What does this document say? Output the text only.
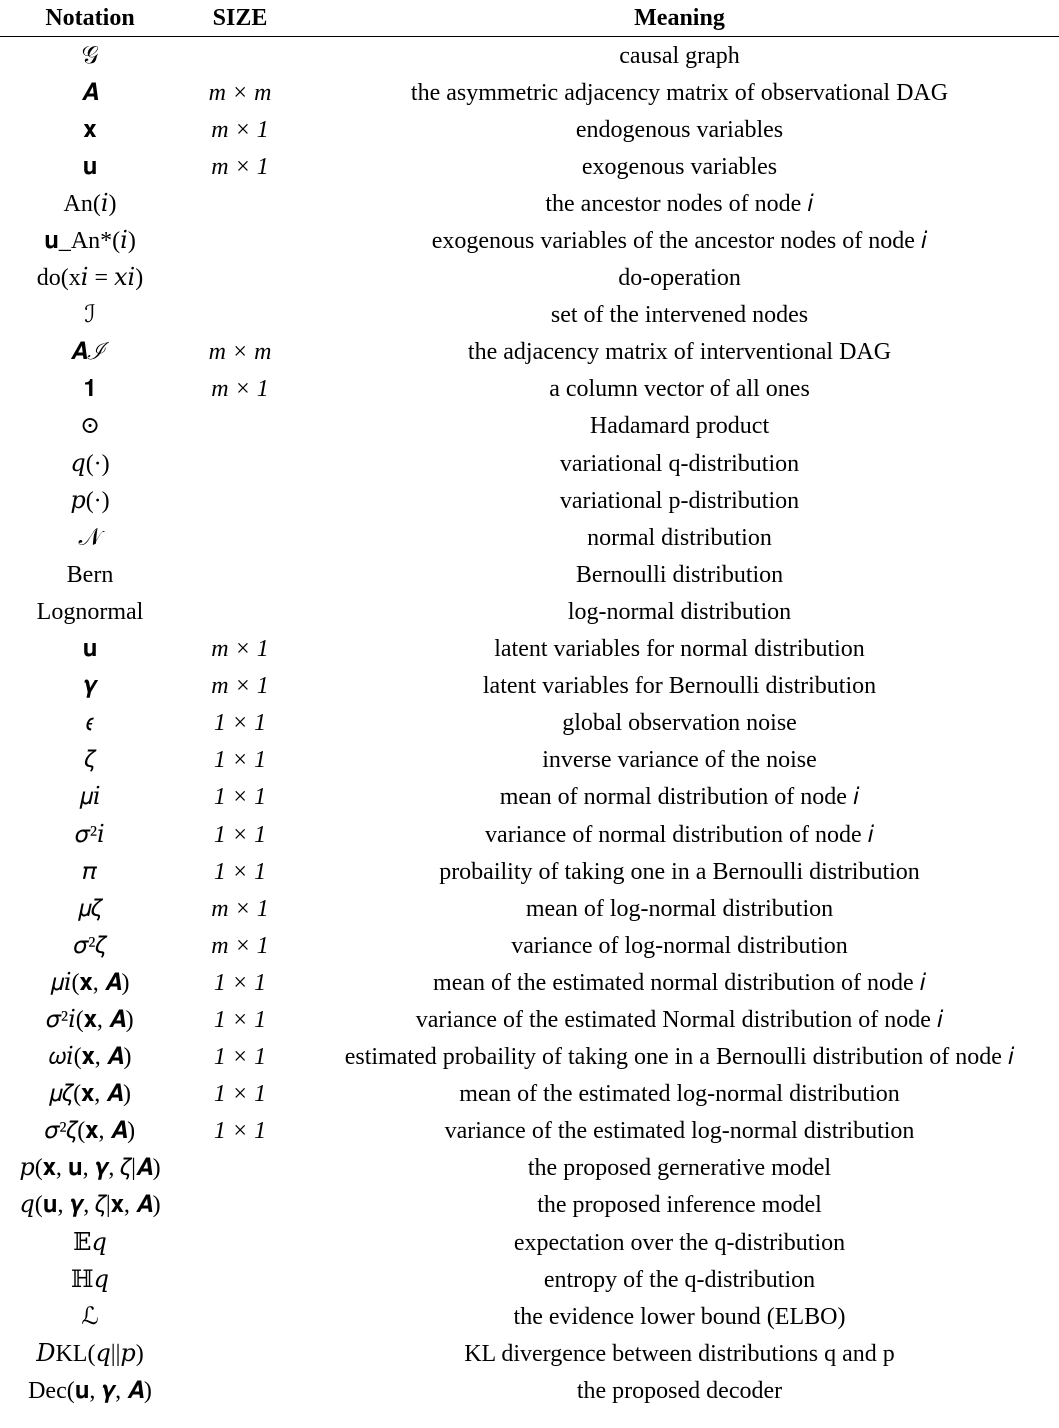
Notation	SIZE	Meaning
𝒢		causal graph
𝑨	m × m	the asymmetric adjacency matrix of observational DAG
𝐱	m × 1	endogenous variables
𝐮	m × 1	exogenous variables
An(𝑖)		the ancestor nodes of node 𝑖
𝐮_An*(𝑖)		exogenous variables of the ancestor nodes of node 𝑖
do(x𝑖 = 𝑥𝑖)		do-operation
ℐ		set of the intervened nodes
𝑨ℐ	m × m	the adjacency matrix of interventional DAG
𝟏	m × 1	a column vector of all ones
⊙		Hadamard product
𝑞(·)		variational q-distribution
𝑝(·)		variational p-distribution
𝒩		normal distribution
Bern		Bernoulli distribution
Lognormal		log-normal distribution
𝐮	m × 1	latent variables for normal distribution
𝜸	m × 1	latent variables for Bernoulli distribution
𝜖	1 × 1	global observation noise
𝜁	1 × 1	inverse variance of the noise
𝜇𝑖	1 × 1	mean of normal distribution of node 𝑖
𝜎²𝑖	1 × 1	variance of normal distribution of node 𝑖
𝜋	1 × 1	probaility of taking one in a Bernoulli distribution
𝜇𝜁	m × 1	mean of log-normal distribution
𝜎²𝜁	m × 1	variance of log-normal distribution
𝜇𝑖(𝐱, 𝑨)	1 × 1	mean of the estimated normal distribution of node 𝑖
𝜎²𝑖(𝐱, 𝑨)	1 × 1	variance of the estimated Normal distribution of node 𝑖
𝜔𝑖(𝐱, 𝑨)	1 × 1	estimated probaility of taking one in a Bernoulli distribution of node 𝑖
𝜇𝜁(𝐱, 𝑨)	1 × 1	mean of the estimated log-normal distribution
𝜎²𝜁(𝐱, 𝑨)	1 × 1	variance of the estimated log-normal distribution
𝑝(𝐱, 𝐮, 𝜸, 𝜁|𝑨)		the proposed gernerative model
𝑞(𝐮, 𝜸, 𝜁|𝐱, 𝑨)		the proposed inference model
𝔼𝑞		expectation over the q-distribution
ℍ𝑞		entropy of the q-distribution
ℒ		the evidence lower bound (ELBO)
𝐷KL(𝑞||𝑝)		KL divergence between distributions q and p
Dec(𝐮, 𝜸, 𝑨)		the proposed decoder
